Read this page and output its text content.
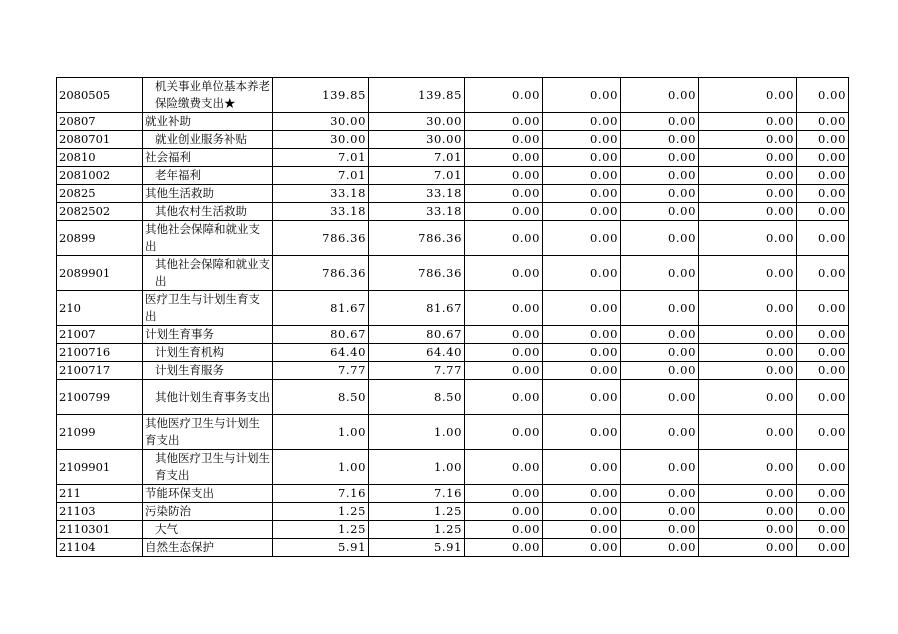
2080505	机关事业单位基本养老保险缴费支出★	139.85	139.85	0.00	0.00	0.00	0.00	0.00
20807	就业补助	30.00	30.00	0.00	0.00	0.00	0.00	0.00
2080701	就业创业服务补贴	30.00	30.00	0.00	0.00	0.00	0.00	0.00
20810	社会福利	7.01	7.01	0.00	0.00	0.00	0.00	0.00
2081002	老年福利	7.01	7.01	0.00	0.00	0.00	0.00	0.00
20825	其他生活救助	33.18	33.18	0.00	0.00	0.00	0.00	0.00
2082502	其他农村生活救助	33.18	33.18	0.00	0.00	0.00	0.00	0.00
20899	其他社会保障和就业支出	786.36	786.36	0.00	0.00	0.00	0.00	0.00
2089901	其他社会保障和就业支出	786.36	786.36	0.00	0.00	0.00	0.00	0.00
210	医疗卫生与计划生育支出	81.67	81.67	0.00	0.00	0.00	0.00	0.00
21007	计划生育事务	80.67	80.67	0.00	0.00	0.00	0.00	0.00
2100716	计划生育机构	64.40	64.40	0.00	0.00	0.00	0.00	0.00
2100717	计划生育服务	7.77	7.77	0.00	0.00	0.00	0.00	0.00
2100799	其他计划生育事务支出	8.50	8.50	0.00	0.00	0.00	0.00	0.00
21099	其他医疗卫生与计划生育支出	1.00	1.00	0.00	0.00	0.00	0.00	0.00
2109901	其他医疗卫生与计划生育支出	1.00	1.00	0.00	0.00	0.00	0.00	0.00
211	节能环保支出	7.16	7.16	0.00	0.00	0.00	0.00	0.00
21103	污染防治	1.25	1.25	0.00	0.00	0.00	0.00	0.00
2110301	大气	1.25	1.25	0.00	0.00	0.00	0.00	0.00
21104	自然生态保护	5.91	5.91	0.00	0.00	0.00	0.00	0.00
